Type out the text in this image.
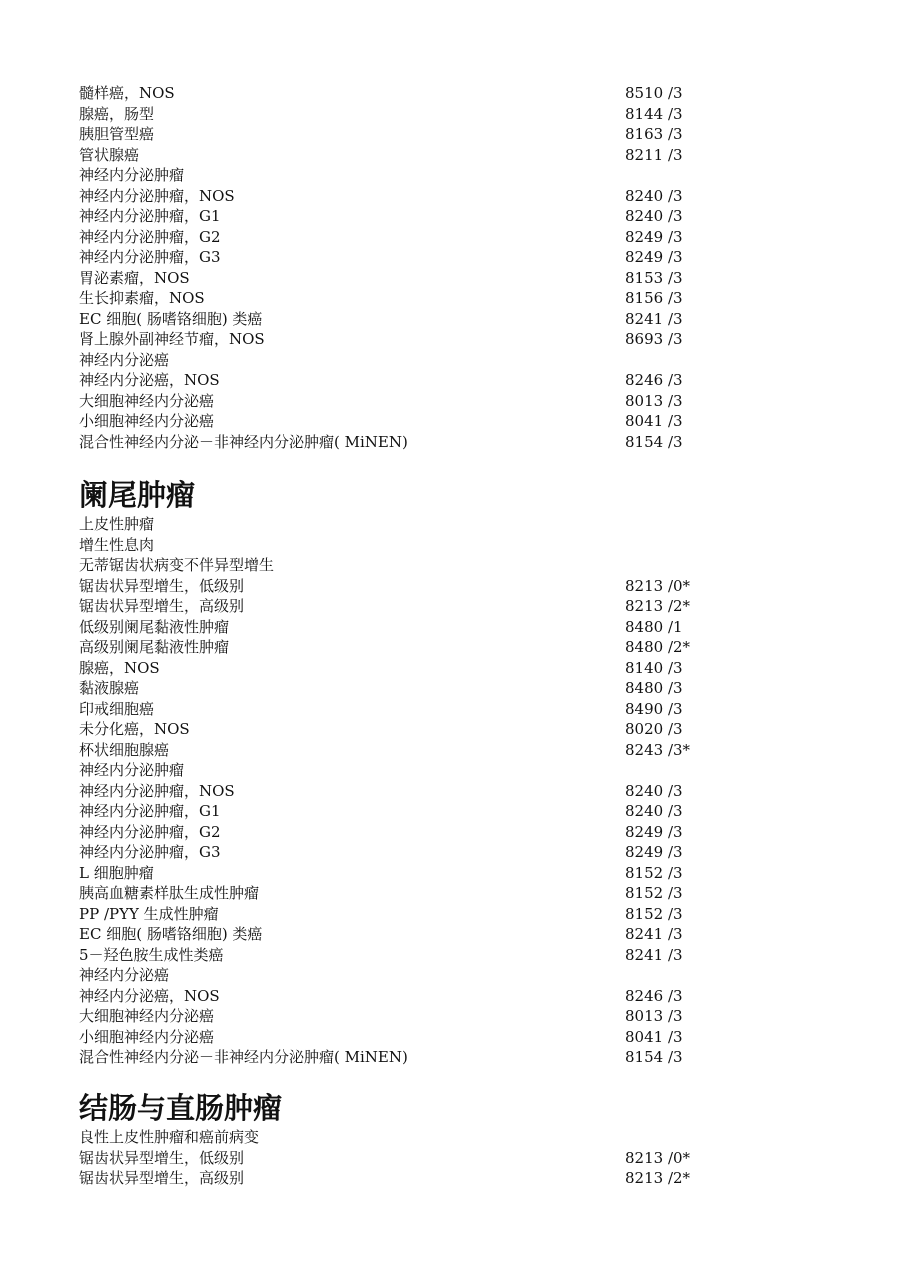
髓样癌，NOS	8510 /3
腺癌，肠型	8144 /3
胰胆管型癌	8163 /3
管状腺癌	8211 /3
神经内分泌肿瘤
神经内分泌肿瘤，NOS	8240 /3
神经内分泌肿瘤，G1	8240 /3
神经内分泌肿瘤，G2	8249 /3
神经内分泌肿瘤，G3	8249 /3
胃泌素瘤，NOS	8153 /3
生长抑素瘤，NOS	8156 /3
EC 细胞( 肠嗜铬细胞) 类癌	8241 /3
肾上腺外副神经节瘤，NOS	8693 /3
神经内分泌癌
神经内分泌癌，NOS	8246 /3
大细胞神经内分泌癌	8013 /3
小细胞神经内分泌癌	8041 /3
混合性神经内分泌－非神经内分泌肿瘤( MiNEN)	8154 /3
阑尾肿瘤
上皮性肿瘤
增生性息肉
无蒂锯齿状病变不伴异型增生
锯齿状异型增生，低级别	8213 /0*
锯齿状异型增生，高级别	8213 /2*
低级别阑尾黏液性肿瘤	8480 /1
高级别阑尾黏液性肿瘤	8480 /2*
腺癌，NOS	8140 /3
黏液腺癌	8480 /3
印戒细胞癌	8490 /3
未分化癌，NOS	8020 /3
杯状细胞腺癌	8243 /3*
神经内分泌肿瘤
神经内分泌肿瘤，NOS	8240 /3
神经内分泌肿瘤，G1	8240 /3
神经内分泌肿瘤，G2	8249 /3
神经内分泌肿瘤，G3	8249 /3
L 细胞肿瘤	8152 /3
胰高血糖素样肽生成性肿瘤	8152 /3
PP /PYY 生成性肿瘤	8152 /3
EC 细胞( 肠嗜铬细胞) 类癌	8241 /3
5－羟色胺生成性类癌	8241 /3
神经内分泌癌
神经内分泌癌，NOS	8246 /3
大细胞神经内分泌癌	8013 /3
小细胞神经内分泌癌	8041 /3
混合性神经内分泌－非神经内分泌肿瘤( MiNEN)	8154 /3
结肠与直肠肿瘤
良性上皮性肿瘤和癌前病变
锯齿状异型增生，低级别	8213 /0*
锯齿状异型增生，高级别	8213 /2*
